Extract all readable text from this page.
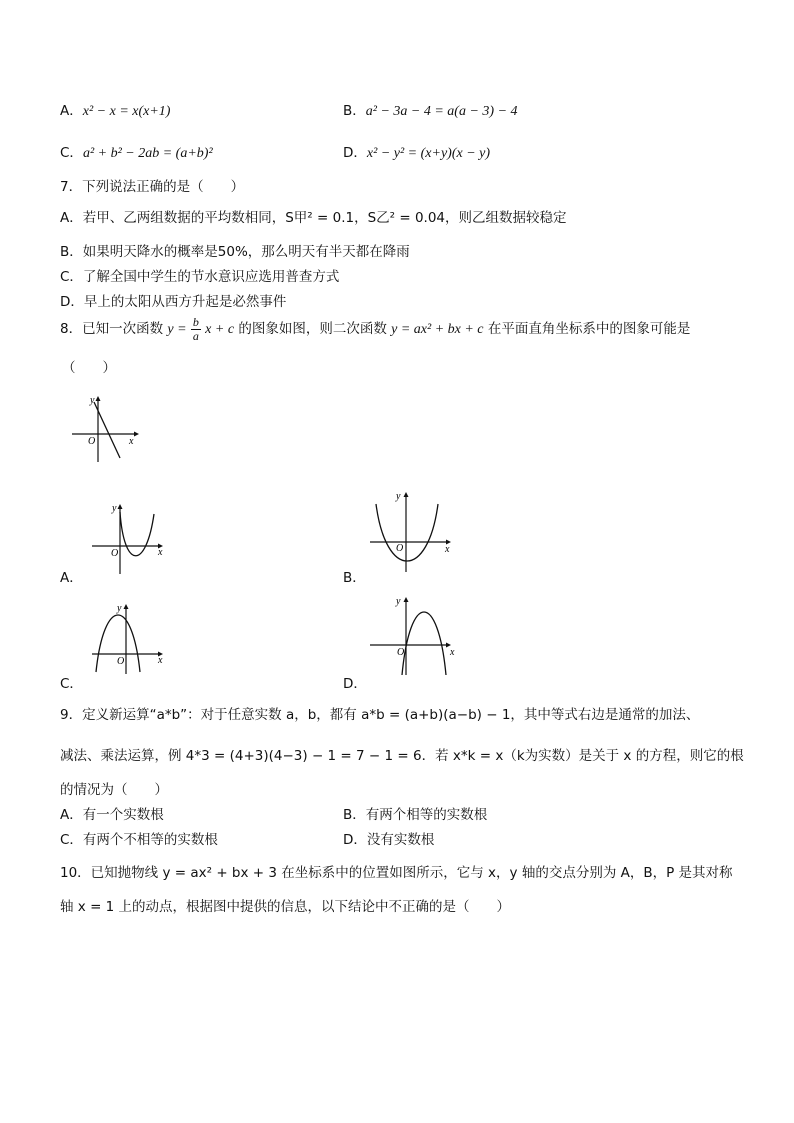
A．x² − x = x(x+1)	B．a² − 3a − 4 = a(a − 3) − 4
C．a² + b² − 2ab = (a+b)²	D．x² − y² = (x+y)(x − y)
7．下列说法正确的是（　　）
A．若甲、乙两组数据的平均数相同，S甲² = 0.1，S乙² = 0.04，则乙组数据较稳定
B．如果明天降水的概率是50%，那么明天有半天都在降雨
C．了解全国中学生的节水意识应选用普查方式
D．早上的太阳从西方升起是必然事件
8．已知一次函数 $y = \frac{b}{a}$ x + c 的图象如图，则二次函数 y = ax² + bx + c 在平面直角坐标系中的图象可能是
（　　）
y
x
O
A．
y
x
O
B．
y
x
O
C．
y
x
O
D．
y
x
O
9．定义新运算“a*b”：对于任意实数 a，b，都有 a*b = (a+b)(a−b) − 1，其中等式右边是通常的加法、
减法、乘法运算，例 4*3 = (4+3)(4−3) − 1 = 7 − 1 = 6．若 x*k = x（k为实数）是关于 x 的方程，则它的根
的情况为（　　）
A．有一个实数根	B．有两个相等的实数根
C．有两个不相等的实数根	D．没有实数根
10．已知抛物线 y = ax² + bx + 3 在坐标系中的位置如图所示，它与 x，y 轴的交点分别为 A，B，P 是其对称
轴 x = 1 上的动点，根据图中提供的信息，以下结论中不正确的是（　　）
